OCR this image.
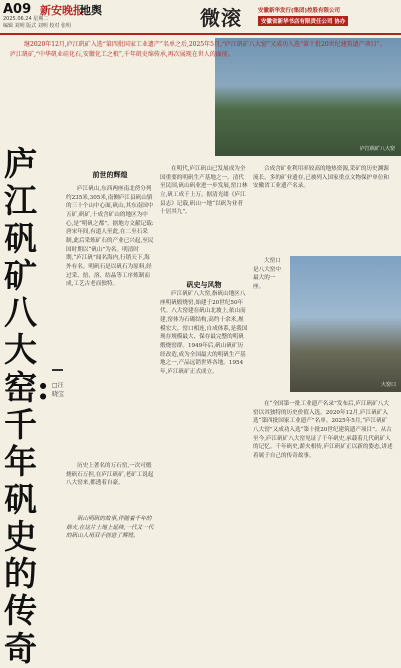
A09 新安晚报
地舆
2025.06.24 星期二
编辑 刘明 版式 刘明 校对 张明	微滚	安徽新华发行(集团)控股有限公司
安徽省新华书店有限责任公司 协办
庐江矾矿八大窑
继2020年12月,庐江矾矿入选“第四批国家工业遗产”名单之后,2025年5月,“庐江矾矿八大窑”又成功入选“第十批20世纪建筑遗产项目”。庐江矾矿,“中华矾业硅化石,安徽化工之根”,千年矾史绵传承,再次展现在世人的面前。
庐江矾矿八大窑:千年矾史的传奇
□汪晓宝
前世的辉煌
庐江矾山,东西两座南北傍分列约235米,305米,南侧庐江县矾山镇的三十个山中心面,矾山,其东南国中五矿,矾矿,十成含矿山的地区为中心,是“明矾之都”。据地方文献记载:唐宋年间,有道人至此,在二至石采制,此后采炼矿石的产业已兴起,至民国时期以“矾山”为名。明清时期,“庐江矾”闻名海内,行销天下,海外有名。明矾石是以矾石为原料,经过采、焙、溶、结晶等工序炼制而成,工艺古老而独特。
历史上著名的万石窑,一次可煅烧矾石万担,在庐江矾矿,老矿工说起八大窑来,都透着自豪。
矾山明矾的故事,伴随着千年的烟火,在这片土地上延续,一代又一代的矾山人用双手创造了辉煌。
在明代,庐江矾山已发展成为全国重要的明矾生产基地之一。清代至民国,矾山矾业进一步发展,窑口林立,矾工成千上万。据清光绪《庐江县志》记载,矾山一地“以矾为业者十居其九”。
矾史与风物
庐江矾矿八大窑,指矾山地区八座明矾煅烧窑,始建于20世纪50年代。八大窑建在矾山北坡上,依山而建,窑体为石砌结构,高约十余米,规模宏大。窑口相连,自成体系,是我国现存规模最大、保存最完整的明矾煅烧窑群。1949年后,矾山矾矿历经改造,成为全国最大的明矾生产基地之一,产品远销世界各地。1954年,庐江矾矿正式成立。
合成含矿业利用率较高的地热资源,采矿的历史渊源流长。多的矿业遗存,已被列入国家重点文物保护单位和安徽省工业遗产名录。
大窑口是八大窑中最大的一座。
大窑口
在“全国第一批工业遗产名录”发布后,庐江矾矿八大窑以其独特的历史价值入选。2020年12月,庐江矾矿入选“第四批国家工业遗产”名单。2025年5月,“庐江矾矿八大窑”又成功入选“第十批20世纪建筑遗产项目”。从古至今,庐江矾矿八大窑见证了千年矾史,承载着几代矾矿人的记忆。千年矾史,薪火相传,庐江矾矿正以新的姿态,讲述着属于自己的传奇故事。
